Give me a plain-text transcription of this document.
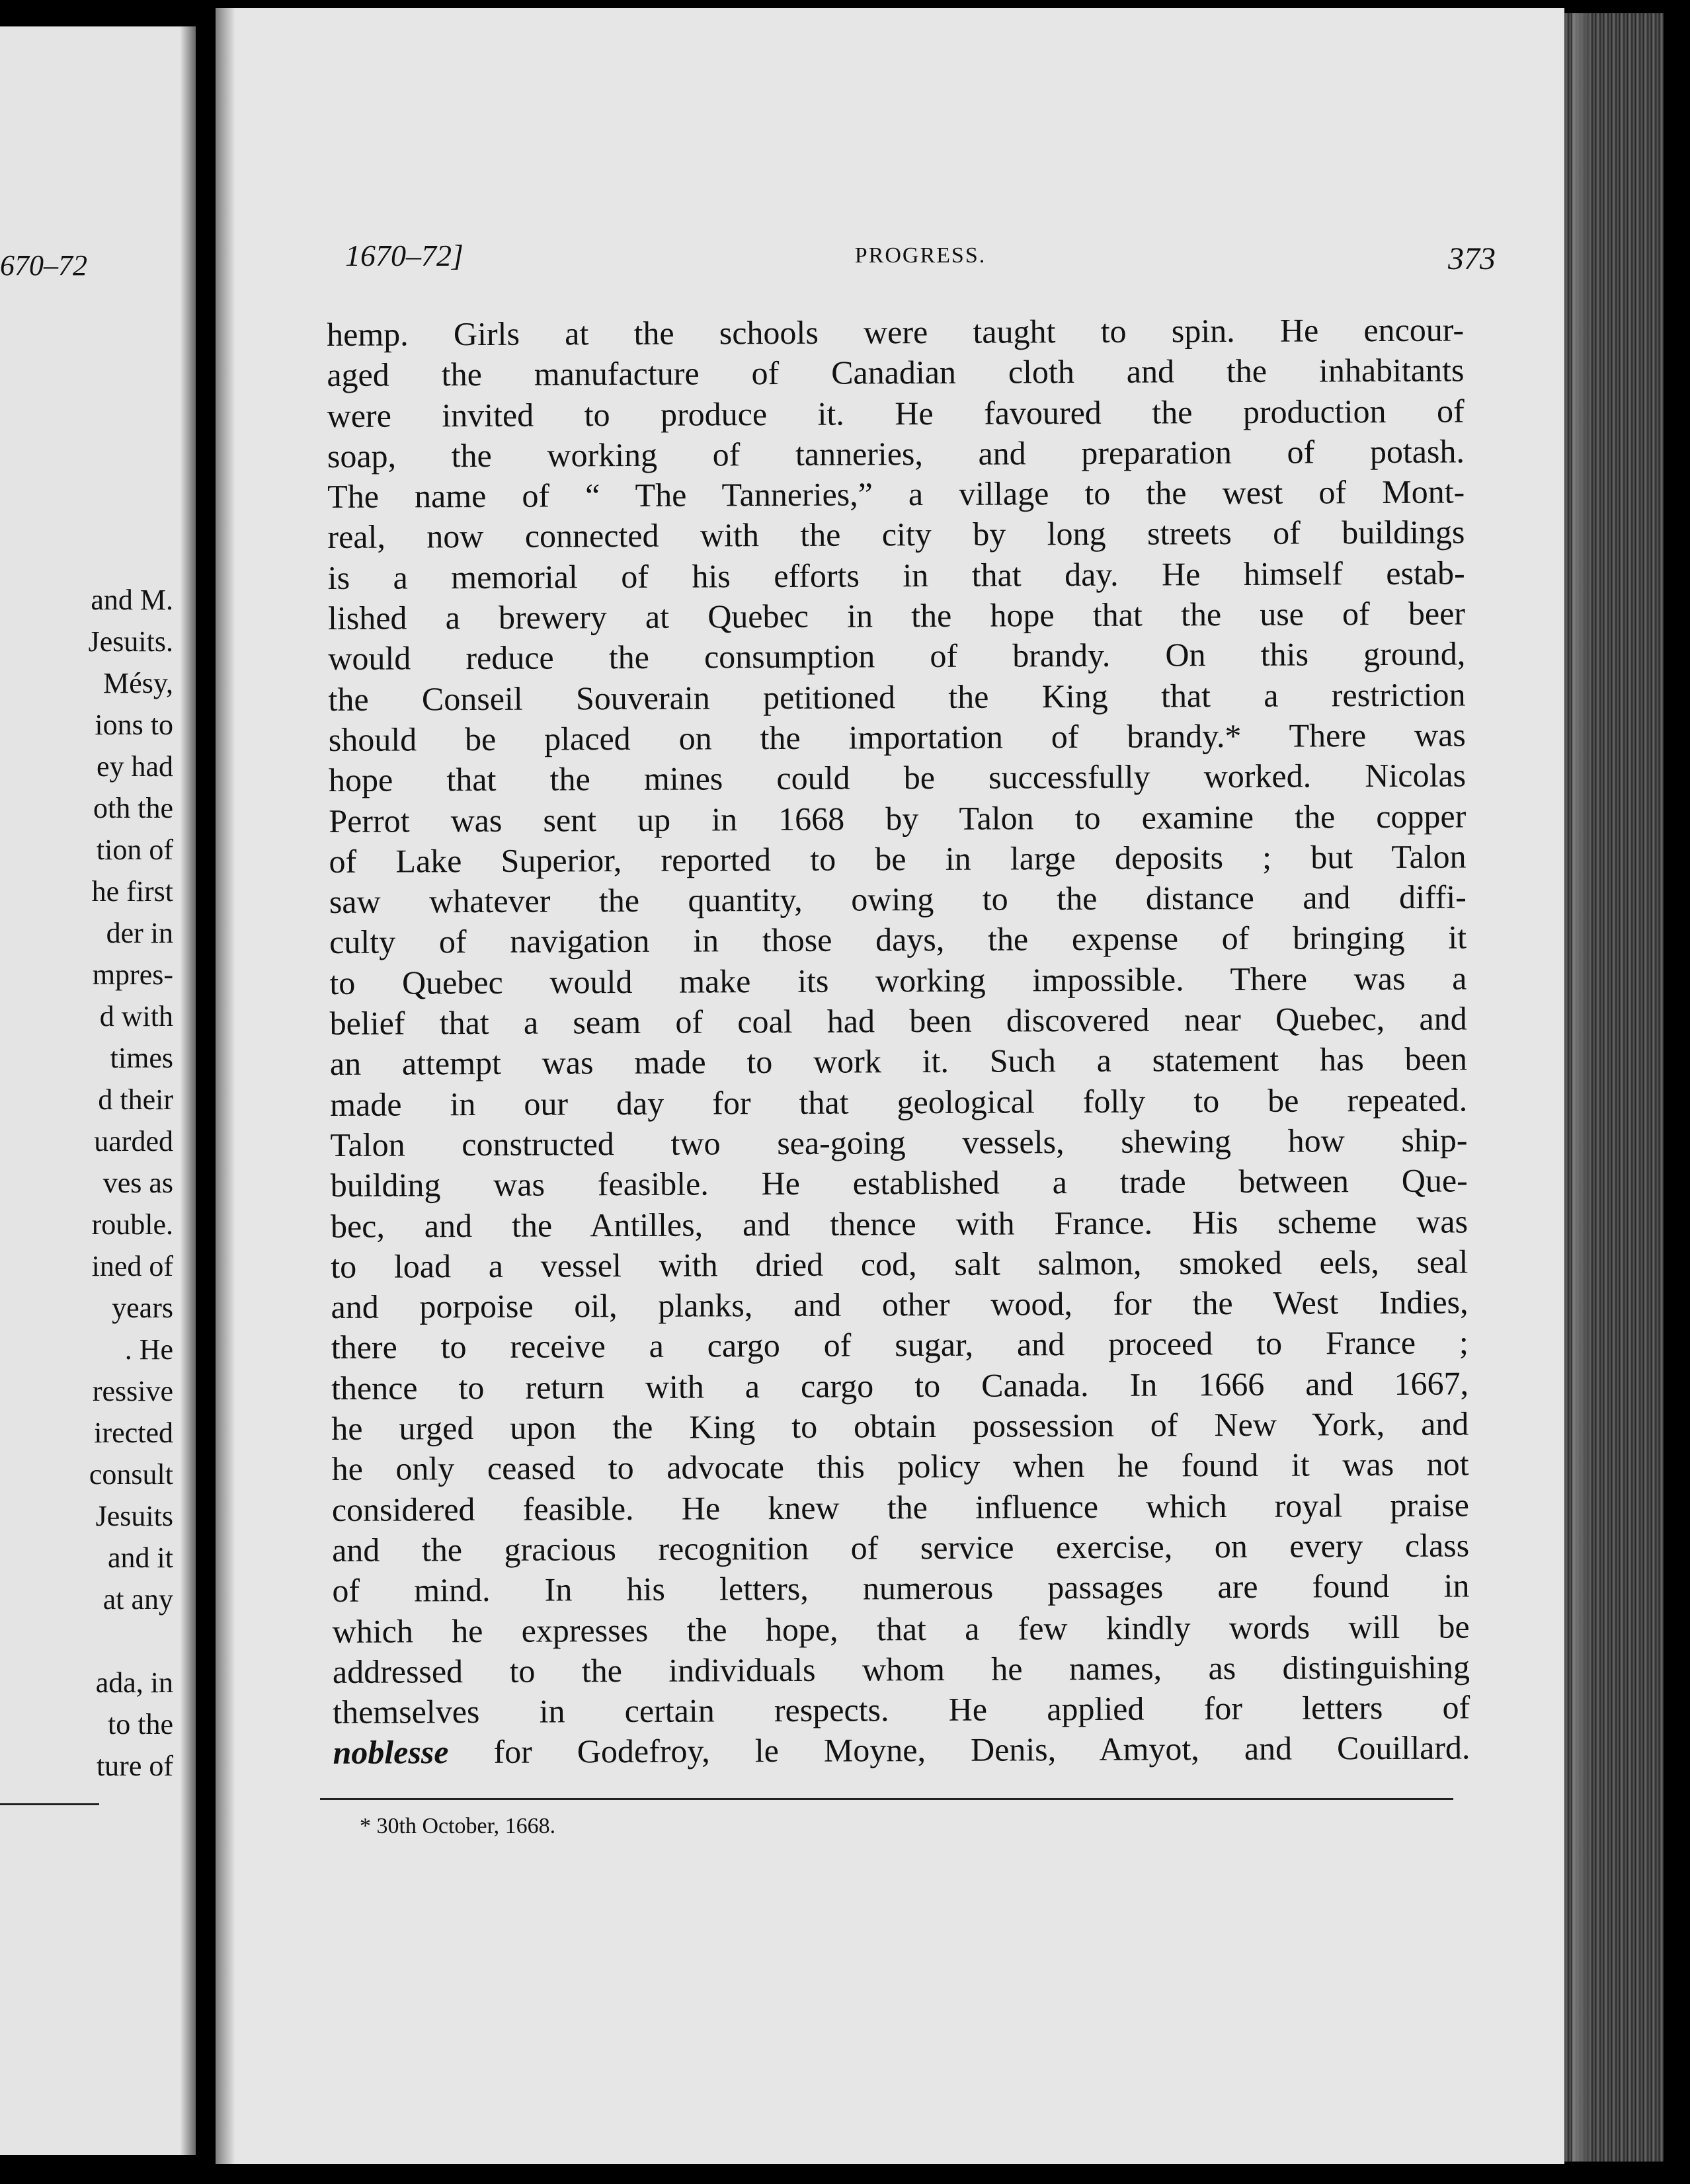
670–72
and M.
Jesuits.
Mésy,
ions to
ey had
oth the
tion of
he first
der in
mpres-
d with
times
d their
uarded
ves as
rouble.
ined of
years
. He
ressive
irected
consult
Jesuits
and it
at any
ada, in
to the
ture of
1670–72]	PROGRESS.	373
hemp. Girls at the schools were taught to spin. He encour-
aged the manufacture of Canadian cloth and the inhabitants
were invited to produce it. He favoured the production of
soap, the working of tanneries, and preparation of potash.
The name of “ The Tanneries,” a village to the west of Mont-
real, now connected with the city by long streets of buildings
is a memorial of his efforts in that day. He himself estab-
lished a brewery at Quebec in the hope that the use of beer
would reduce the consumption of brandy. On this ground,
the Conseil Souverain petitioned the King that a restriction
should be placed on the importation of brandy.* There was
hope that the mines could be successfully worked. Nicolas
Perrot was sent up in 1668 by Talon to examine the copper
of Lake Superior, reported to be in large deposits ; but Talon
saw whatever the quantity, owing to the distance and diffi-
culty of navigation in those days, the expense of bringing it
to Quebec would make its working impossible. There was a
belief that a seam of coal had been discovered near Quebec, and
an attempt was made to work it. Such a statement has been
made in our day for that geological folly to be repeated.
Talon constructed two sea-going vessels, shewing how ship-
building was feasible. He established a trade between Que-
bec, and the Antilles, and thence with France. His scheme was
to load a vessel with dried cod, salt salmon, smoked eels, seal
and porpoise oil, planks, and other wood, for the West Indies,
there to receive a cargo of sugar, and proceed to France ;
thence to return with a cargo to Canada. In 1666 and 1667,
he urged upon the King to obtain possession of New York, and
he only ceased to advocate this policy when he found it was not
considered feasible. He knew the influence which royal praise
and the gracious recognition of service exercise, on every class
of mind. In his letters, numerous passages are found in
which he expresses the hope, that a few kindly words will be
addressed to the individuals whom he names, as distinguishing
themselves in certain respects. He applied for letters of
noblesse for Godefroy, le Moyne, Denis, Amyot, and Couillard.
* 30th October, 1668.
